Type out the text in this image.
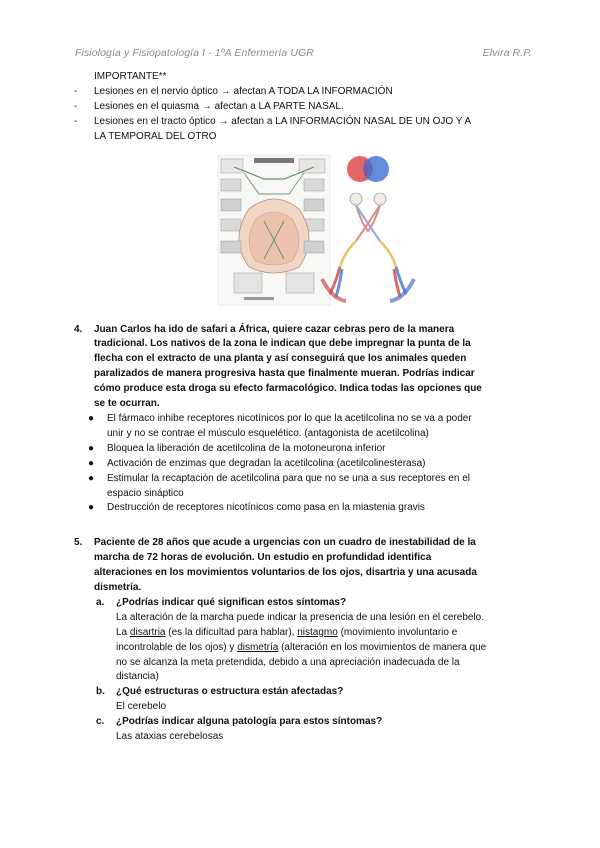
Fisiología y Fisiopatología I - 1ºA Enfermería UGR	Elvira R.P.
IMPORTANTE**
-	Lesiones en el nervio óptico → afectan A TODA LA INFORMACIÓN
-	Lesiones en el quiasma → afectan a LA PARTE NASAL.
-	Lesiones en el tracto óptico → afectan a LA INFORMACIÓN NASAL DE UN OJO Y A
LA TEMPORAL DEL OTRO
4.	Juan Carlos ha ido de safari a África, quiere cazar cebras pero de la manera
tradicional. Los nativos de la zona le indican que debe impregnar la punta de la
flecha con el extracto de una planta y así conseguirá que los animales queden
paralizados de manera progresiva hasta que finalmente mueran. Podrías indicar
cómo produce esta droga su efecto farmacológico. Indica todas las opciones que
se te ocurran.
●	El fármaco inhibe receptores nicotínicos por lo que la acetilcolina no se va a poder
unir y no se contrae el músculo esquelético. (antagonista de acetilcolina)
●	Bloquea la liberación de acetilcolina de la motoneurona inferior
●	Activación de enzimas que degradan la acetilcolina (acetilcolinesterasa)
●	Estimular la recaptación de acetilcolina para que no se una a sus receptores en el
espacio sináptico
●	Destrucción de receptores nicotínicos como pasa en la miastenia gravis
5.	Paciente de 28 años que acude a urgencias con un cuadro de inestabilidad de la
marcha de 72 horas de evolución. Un estudio en profundidad identifica
alteraciones en los movimientos voluntarios de los ojos, disartria y una acusada
dismetría.
a.	¿Podrías indicar qué significan estos síntomas?
La alteración de la marcha puede indicar la presencia de una lesión en el cerebelo.
La disartria (es la dificultad para hablar), nistagmo (movimiento involuntario e
incontrolable de los ojos) y dismetría (alteración en los movimientos de manera que
no se alcanza la meta pretendida, debido a una apreciación inadecuada de la
distancia)
b.	¿Qué estructuras o estructura están afectadas?
El cerebelo
c.	¿Podrías indicar alguna patología para estos síntomas?
Las ataxias cerebelosas
